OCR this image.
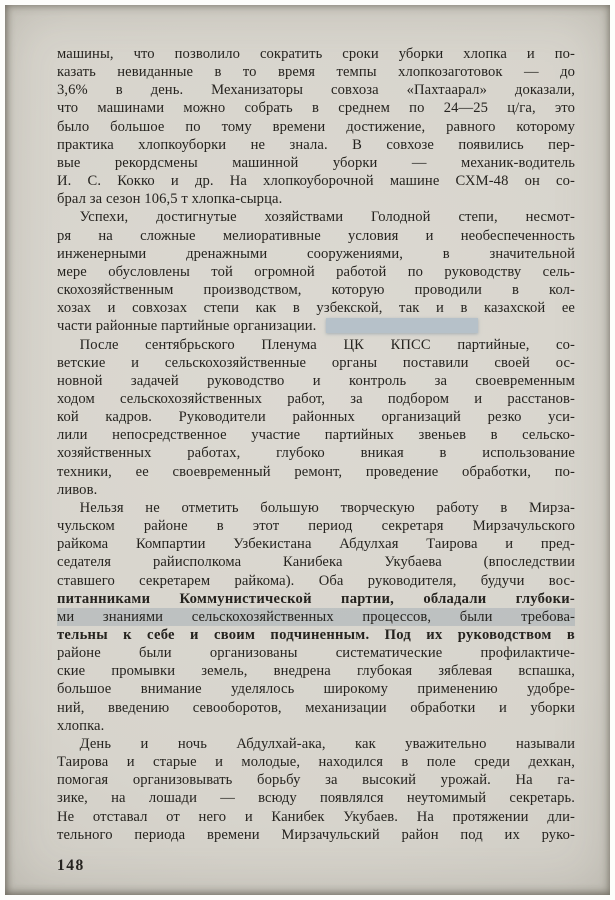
машины, что позволило сократить сроки уборки хлопка и по-
казать невиданные в то время темпы хлопкозаготовок — до
3,6% в день. Механизаторы совхоза «Пахтаарал» доказали,
что машинами можно собрать в среднем по 24—25 ц/га, это
было большое по тому времени достижение, равного которому
практика хлопкоуборки не знала. В совхозе появились пер-
вые рекордсмены машинной уборки — механик-водитель
И. С. Кокко и др. На хлопкоуборочной машине СХМ-48 он со-
брал за сезон 106,5 т хлопка-сырца.
Успехи, достигнутые хозяйствами Голодной степи, несмот-
ря на сложные мелиоративные условия и необеспеченность
инженерными дренажными сооружениями, в значительной
мере обусловлены той огромной работой по руководству сель-
скохозяйственным производством, которую проводили в кол-
хозах и совхозах степи как в узбекской, так и в казахской ее
части районные партийные организации.
После сентябрьского Пленума ЦК КПСС партийные, со-
ветские и сельскохозяйственные органы поставили своей ос-
новной задачей руководство и контроль за своевременным
ходом сельскохозяйственных работ, за подбором и расстанов-
кой кадров. Руководители районных организаций резко уси-
лили непосредственное участие партийных звеньев в сельско-
хозяйственных работах, глубоко вникая в использование
техники, ее своевременный ремонт, проведение обработки, по-
ливов.
Нельзя не отметить большую творческую работу в Мирза-
чульском районе в этот период секретаря Мирзачульского
райкома Компартии Узбекистана Абдулхая Таирова и пред-
седателя райисполкома Канибека Укубаева (впоследствии
ставшего секретарем райкома). Оба руководителя, будучи вос-
питанниками Коммунистической партии, обладали глубоки-
ми знаниями сельскохозяйственных процессов, были требова-
тельны к себе и своим подчиненным. Под их руководством в
районе были организованы систематические профилактиче-
ские промывки земель, внедрена глубокая зяблевая вспашка,
большое внимание уделялось широкому применению удобре-
ний, введению севооборотов, механизации обработки и уборки
хлопка.
День и ночь Абдулхай-ака, как уважительно называли
Таирова и старые и молодые, находился в поле среди дехкан,
помогая организовывать борьбу за высокий урожай. На га-
зике, на лошади — всюду появлялся неутомимый секретарь.
Не отставал от него и Канибек Укубаев. На протяжении дли-
тельного периода времени Мирзачульский район под их руко-
148
